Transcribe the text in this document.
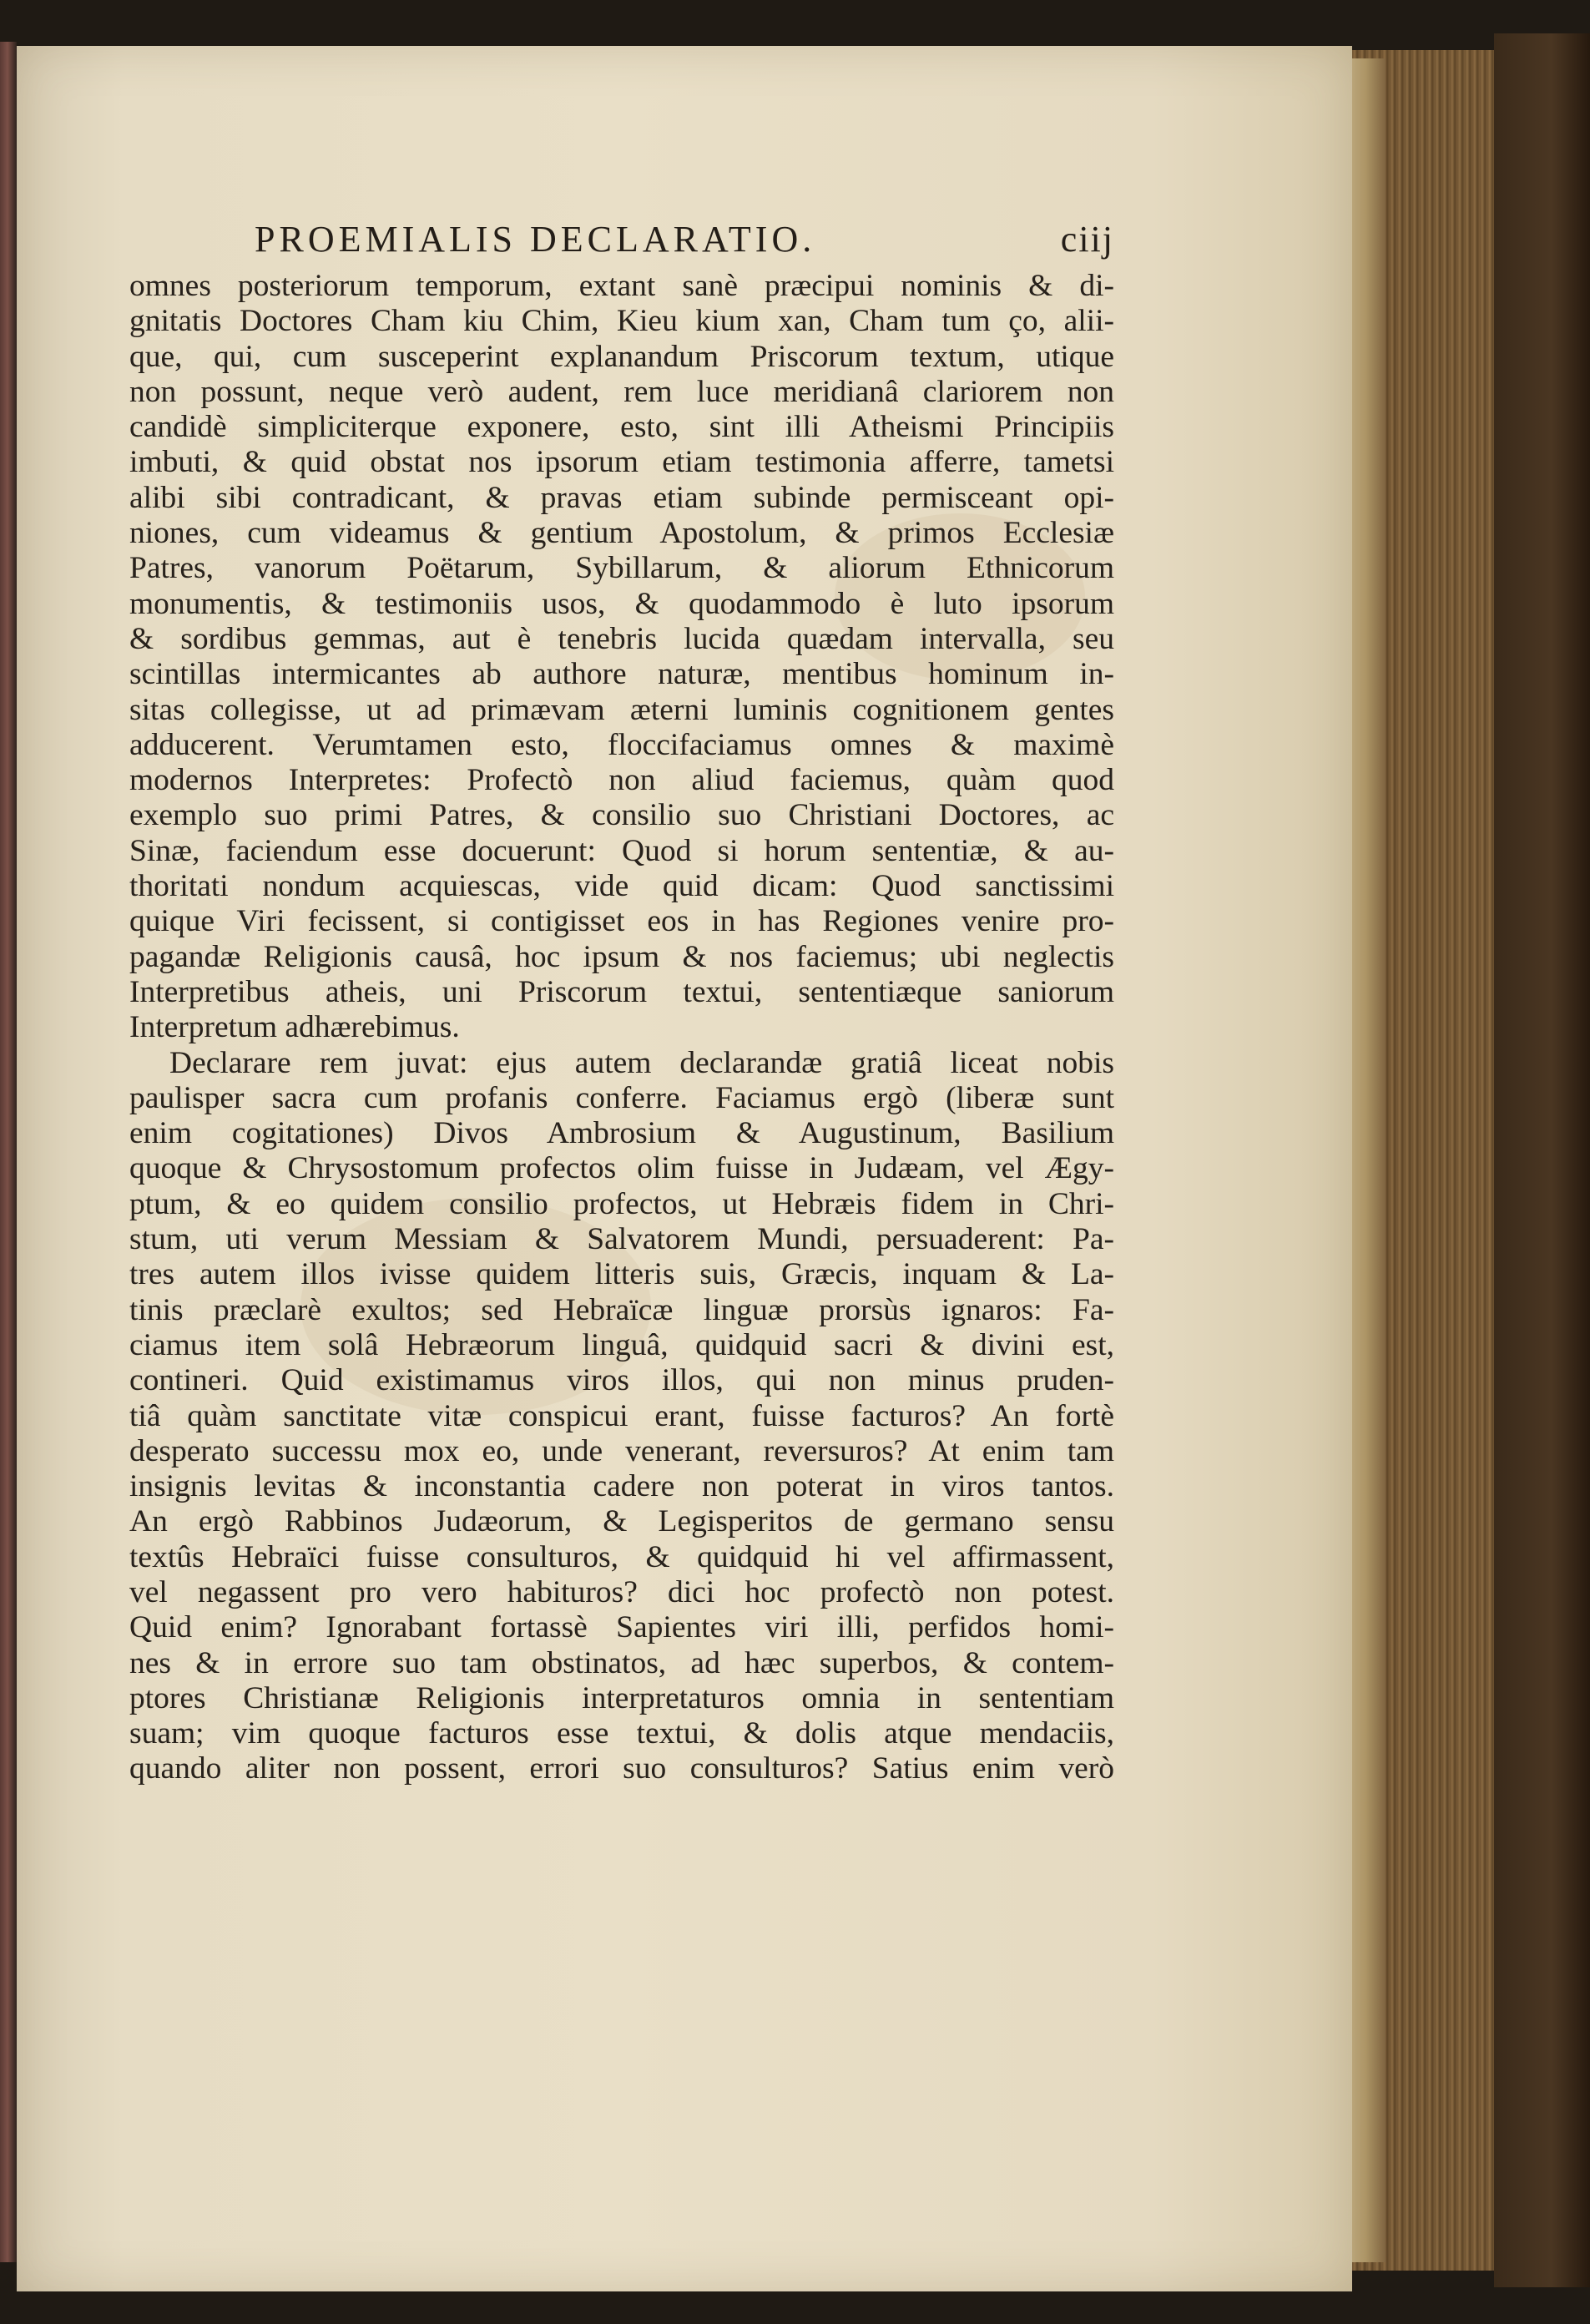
PROEMIALIS DECLARATIO.	ciij
omnes posteriorum temporum, extant sanè præcipui nominis & di-
gnitatis Doctores Cham kiu Chim, Kieu kium xan, Cham tum ço, alii-
que, qui, cum susceperint explanandum Priscorum textum, utique
non possunt, neque verò audent, rem luce meridianâ clariorem non
candidè simpliciterque exponere, esto, sint illi Atheismi Principiis
imbuti, & quid obstat nos ipsorum etiam testimonia afferre, tametsi
alibi sibi contradicant, & pravas etiam subinde permisceant opi-
niones, cum videamus & gentium Apostolum, & primos Ecclesiæ
Patres, vanorum Poëtarum, Sybillarum, & aliorum Ethnicorum
monumentis, & testimoniis usos, & quodammodo è luto ipsorum
& sordibus gemmas, aut è tenebris lucida quædam intervalla, seu
scintillas intermicantes ab authore naturæ, mentibus hominum in-
sitas collegisse, ut ad primævam æterni luminis cognitionem gentes
adducerent. Verumtamen esto, floccifaciamus omnes & maximè
modernos Interpretes: Profectò non aliud faciemus, quàm quod
exemplo suo primi Patres, & consilio suo Christiani Doctores, ac
Sinæ, faciendum esse docuerunt: Quod si horum sententiæ, & au-
thoritati nondum acquiescas, vide quid dicam: Quod sanctissimi
quique Viri fecissent, si contigisset eos in has Regiones venire pro-
pagandæ Religionis causâ, hoc ipsum & nos faciemus; ubi neglectis
Interpretibus atheis, uni Priscorum textui, sententiæque saniorum
Interpretum adhærebimus.
Declarare rem juvat: ejus autem declarandæ gratiâ liceat nobis
paulisper sacra cum profanis conferre. Faciamus ergò (liberæ sunt
enim cogitationes) Divos Ambrosium & Augustinum, Basilium
quoque & Chrysostomum profectos olim fuisse in Judæam, vel Ægy-
ptum, & eo quidem consilio profectos, ut Hebræis fidem in Chri-
stum, uti verum Messiam & Salvatorem Mundi, persuaderent: Pa-
tres autem illos ivisse quidem litteris suis, Græcis, inquam & La-
tinis præclarè exultos; sed Hebraïcæ linguæ prorsùs ignaros: Fa-
ciamus item solâ Hebræorum linguâ, quidquid sacri & divini est,
contineri. Quid existimamus viros illos, qui non minus pruden-
tiâ quàm sanctitate vitæ conspicui erant, fuisse facturos? An fortè
desperato successu mox eo, unde venerant, reversuros? At enim tam
insignis levitas & inconstantia cadere non poterat in viros tantos.
An ergò Rabbinos Judæorum, & Legisperitos de germano sensu
textûs Hebraïci fuisse consulturos, & quidquid hi vel affirmassent,
vel negassent pro vero habituros? dici hoc profectò non potest.
Quid enim? Ignorabant fortassè Sapientes viri illi, perfidos homi-
nes & in errore suo tam obstinatos, ad hæc superbos, & contem-
ptores Christianæ Religionis interpretaturos omnia in sententiam
suam; vim quoque facturos esse textui, & dolis atque mendaciis,
quando aliter non possent, errori suo consulturos? Satius enim verò
